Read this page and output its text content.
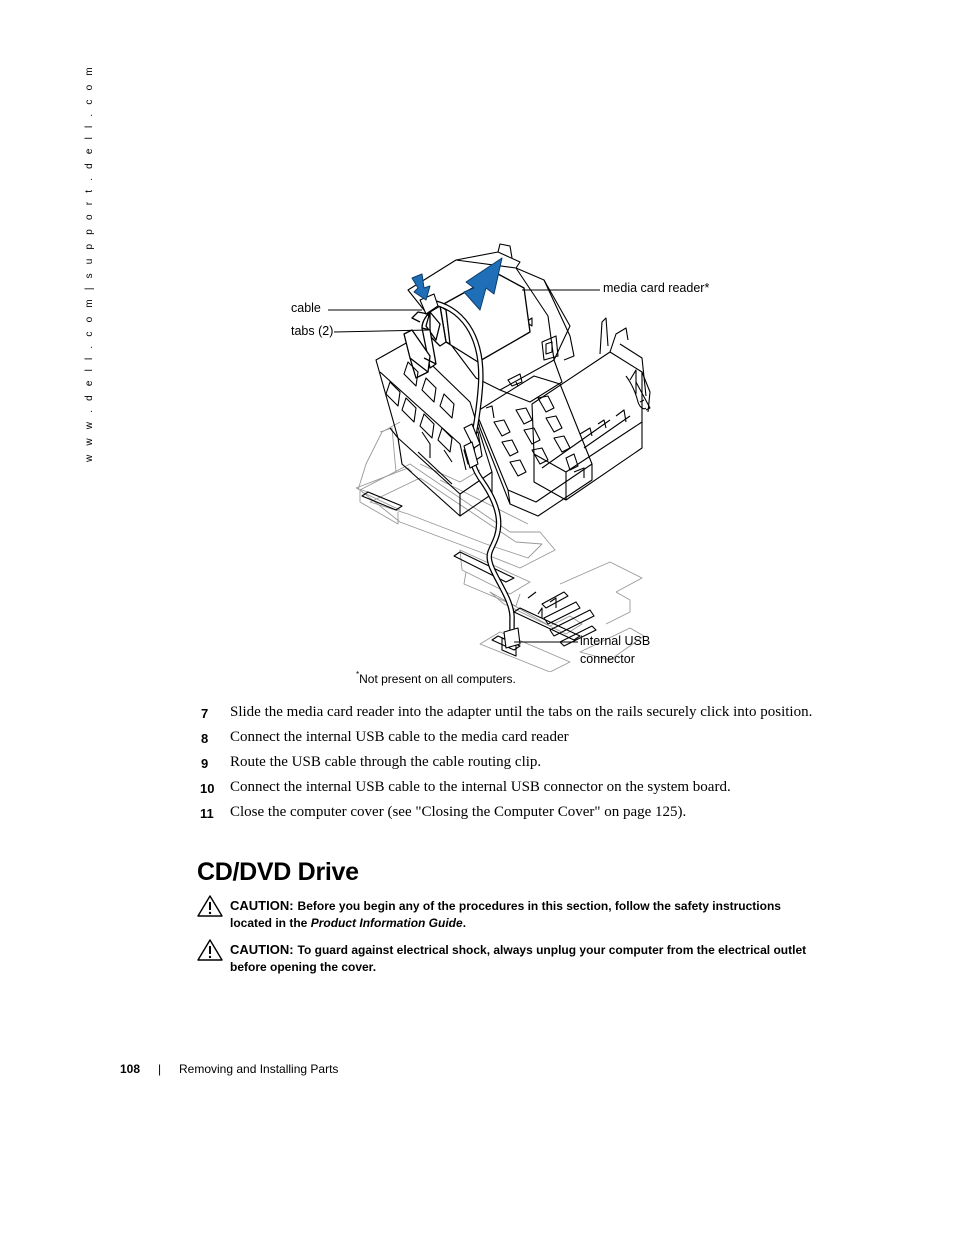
w w w . d e l l . c o m | s u p p o r t . d e l l . c o m	cable
tabs (2)
media card reader*
internal USB
connector
*Not present on all computers.
7 Slide the media card reader into the adapter until the tabs on the rails securely click into position.
8 Connect the internal USB cable to the media card reader
9 Route the USB cable through the cable routing clip.
10 Connect the internal USB cable to the internal USB connector on the system board.
11 Close the computer cover (see "Closing the Computer Cover" on page 125).
CD/DVD Drive
CAUTION: Before you begin any of the procedures in this section, follow the safety instructions located in the Product Information Guide.
CAUTION: To guard against electrical shock, always unplug your computer from the electrical outlet before opening the cover.
108 | Removing and Installing Parts
